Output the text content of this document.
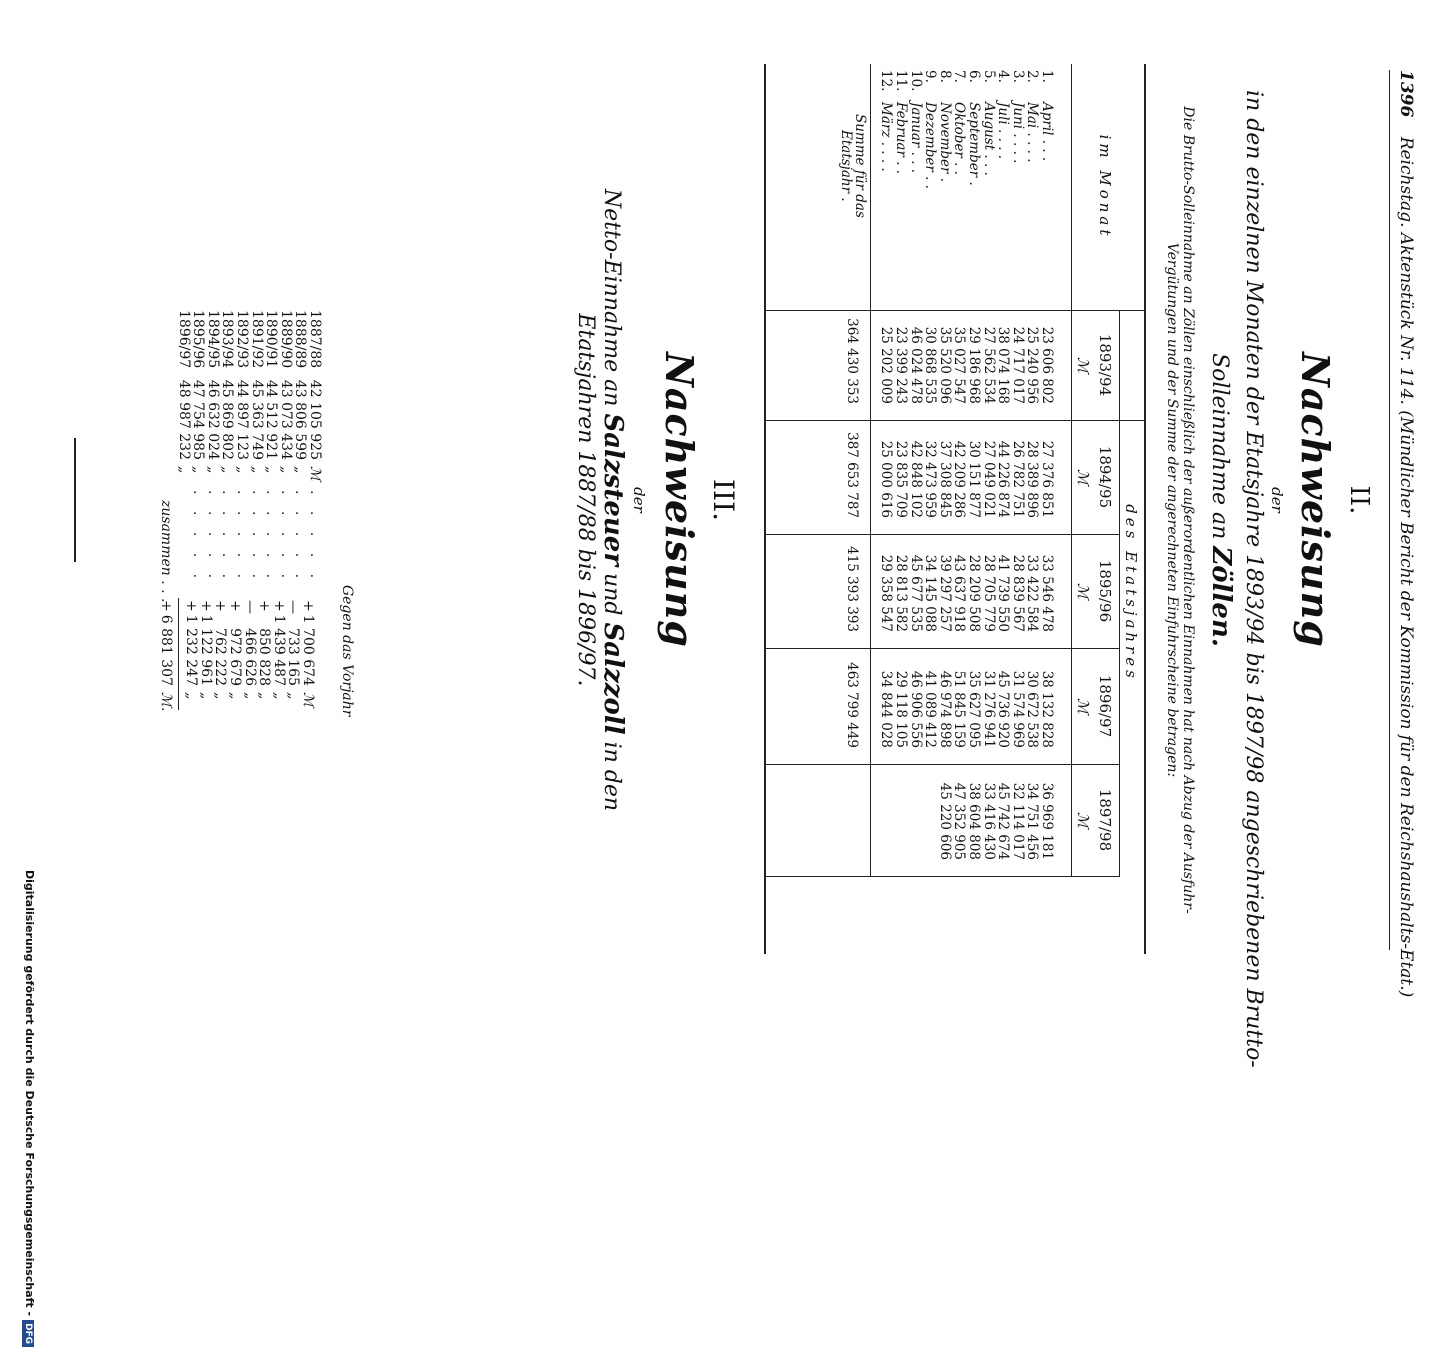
1396 Reichstag. Aktenstück Nr. 114. (Mündlicher Bericht der Kommission für den Reichshaushalts-Etat.)
II.
Nachweisung
der
in den einzelnen Monaten der Etatsjahre 1893/94 bis 1897/98 angeschriebenen Brutto-
Solleinnahme an Zöllen.
Die Brutto-Solleinnahme an Zöllen einschließlich der außerordentlichen Einnahmen hat nach Abzug der Ausfuhr-Vergütungen und der Summe der angerechneten Einfuhrscheine betragen:
im Monat
des Etatsjahres
1893/94
ℳ
1894/95
ℳ
1895/96
ℳ
1896/97
ℳ
1897/98
ℳ
1.
April . . .
23 606 802
27 376 851
33 546 478
38 132 828
36 969 181
2.
Mai . . . .
25 240 956
28 389 896
33 422 584
30 672 538
34 751 456
3.
Juni . . . .
24 717 017
26 782 751
28 839 567
31 574 969
32 114 017
4.
Juli . . . .
38 074 168
44 226 874
41 739 550
45 736 920
45 742 674
5.
August . . .
27 562 534
27 049 021
28 705 779
31 276 941
33 416 430
6.
September .
29 186 968
30 151 877
28 209 508
35 627 095
38 604 808
7.
Oktober . .
35 027 547
42 209 286
43 637 918
51 845 159
47 352 905
8.
November .
35 520 096
37 308 845
39 297 257
46 974 898
45 220 606
9.
Dezember . .
30 868 535
32 473 959
34 145 088
41 089 412
10.
Januar . . .
46 024 478
42 848 102
45 677 535
46 906 556
11.
Februar . .
23 399 243
23 835 709
28 813 582
29 118 105
12.
März . . . .
25 202 009
25 000 616
29 358 547
34 844 028
Summe für das
Etatsjahr .
364 430 353
387 653 787
415 393 393
463 799 449
III.
Nachweisung
der
Netto-Einnahme an Salzsteuer und Salzzoll in den
Etatsjahren 1887/88 bis 1896/97.
Gegen das Vorjahr
1887/88
42 105 925
ℳ
. . . . .
+
1 700 674
ℳ
1888/89
43 806 599
„
. . . . .
—
733 165
„
1889/90
43 073 434
„
. . . . .
+
1 439 487
„
1890/91
44 512 921
„
. . . . .
+
850 828
„
1891/92
45 363 749
„
. . . . .
—
466 626
„
1892/93
44 897 123
„
. . . . .
+
972 679
„
1893/94
45 869 802
„
. . . . .
+
762 222
„
1894/95
46 632 024
„
. . . . .
+
1 122 961
„
1895/96
47 754 985
„
. . . . .
+
1 232 247
„
1896/97
48 987 232
„
zusammen . . .
+
6 881 307
ℳ.
Digitalisierung gefördert durch die Deutsche Forschungsgemeinschaft -DFG
